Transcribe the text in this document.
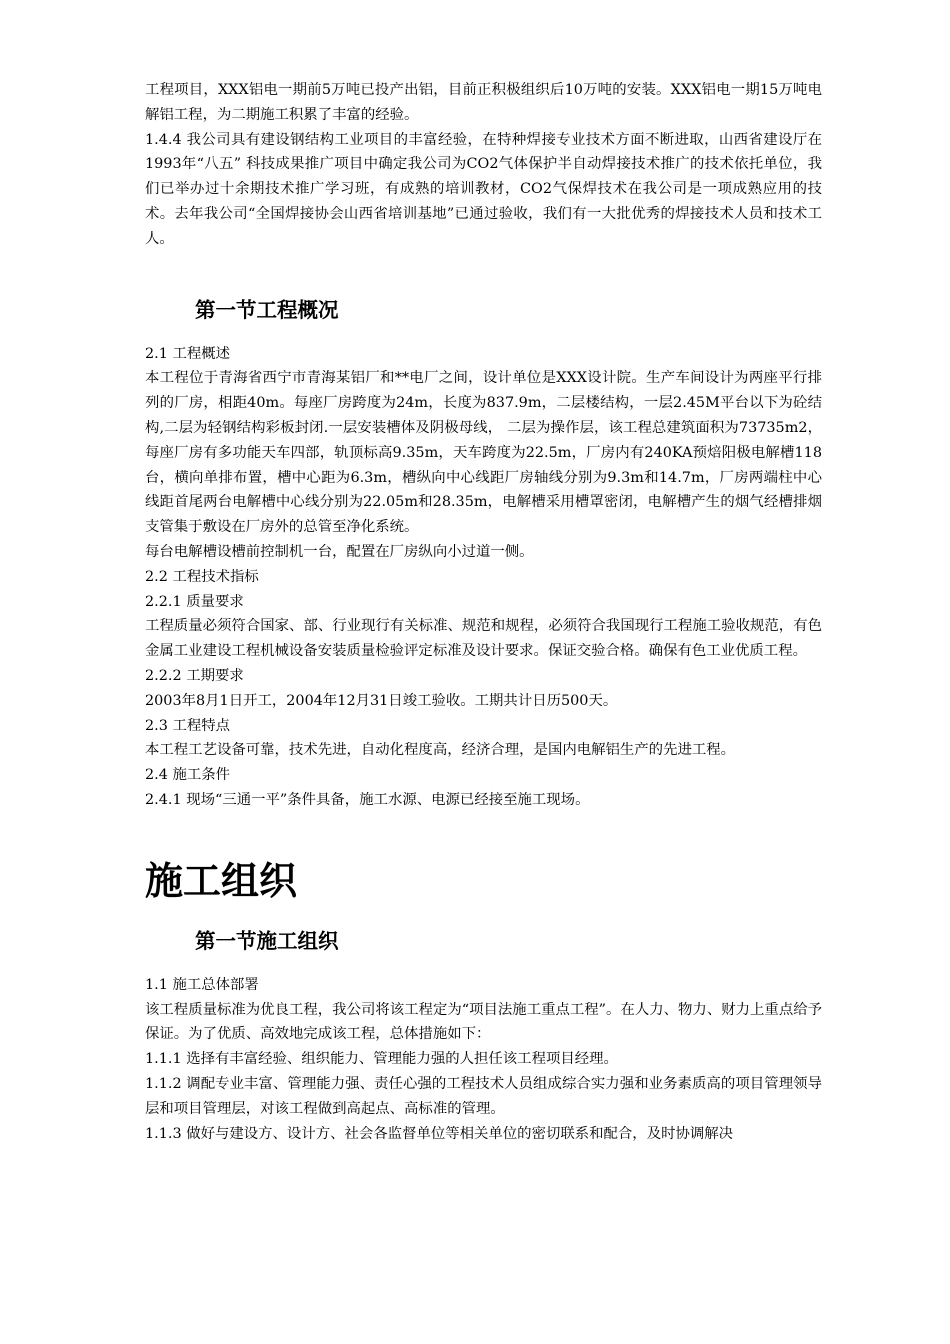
工程项目，XXX铝电一期前5万吨已投产出铝，目前正积极组织后10万吨的安装。XXX铝电一期15万吨电解铝工程，为二期施工积累了丰富的经验。

1.4.4 我公司具有建设钢结构工业项目的丰富经验，在特种焊接专业技术方面不断进取，山西省建设厅在1993年“八五” 科技成果推广项目中确定我公司为CO2气体保护半自动焊接技术推广的技术依托单位，我们已举办过十余期技术推广学习班，有成熟的培训教材，CO2气保焊技术在我公司是一项成熟应用的技术。去年我公司“全国焊接协会山西省培训基地”已通过验收，我们有一大批优秀的焊接技术人员和技术工人。

第一节工程概况

2.1 工程概述

本工程位于青海省西宁市青海某铝厂和**电厂之间，设计单位是XXX设计院。生产车间设计为两座平行排列的厂房，相距40m。每座厂房跨度为24m，长度为837.9m，二层楼结构，一层2.45M平台以下为砼结构,二层为轻钢结构彩板封闭.一层安装槽体及阴极母线， 二层为操作层，该工程总建筑面积为73735m2，每座厂房有多功能天车四部，轨顶标高9.35m，天车跨度为22.5m，厂房内有240KA预焙阳极电解槽118台，横向单排布置，槽中心距为6.3m，槽纵向中心线距厂房轴线分别为9.3m和14.7m，厂房两端柱中心线距首尾两台电解槽中心线分别为22.05m和28.35m，电解槽采用槽罩密闭，电解槽产生的烟气经槽排烟支管集于敷设在厂房外的总管至净化系统。

每台电解槽设槽前控制机一台，配置在厂房纵向小过道一侧。

2.2 工程技术指标

2.2.1 质量要求

工程质量必须符合国家、部、行业现行有关标准、规范和规程，必须符合我国现行工程施工验收规范，有色金属工业建设工程机械设备安装质量检验评定标准及设计要求。保证交验合格。确保有色工业优质工程。

2.2.2 工期要求

2003年8月1日开工，2004年12月31日竣工验收。工期共计日历500天。

2.3 工程特点

本工程工艺设备可靠，技术先进，自动化程度高，经济合理，是国内电解铝生产的先进工程。

2.4 施工条件

2.4.1 现场“三通一平”条件具备，施工水源、电源已经接至施工现场。

施工组织
第一节施工组织

1.1 施工总体部署

该工程质量标准为优良工程，我公司将该工程定为“项目法施工重点工程”。在人力、物力、财力上重点给予保证。为了优质、高效地完成该工程，总体措施如下：

1.1.1 选择有丰富经验、组织能力、管理能力强的人担任该工程项目经理。

1.1.2 调配专业丰富、管理能力强、责任心强的工程技术人员组成综合实力强和业务素质高的项目管理领导层和项目管理层，对该工程做到高起点、高标准的管理。

1.1.3 做好与建设方、设计方、社会各监督单位等相关单位的密切联系和配合，及时协调解决
